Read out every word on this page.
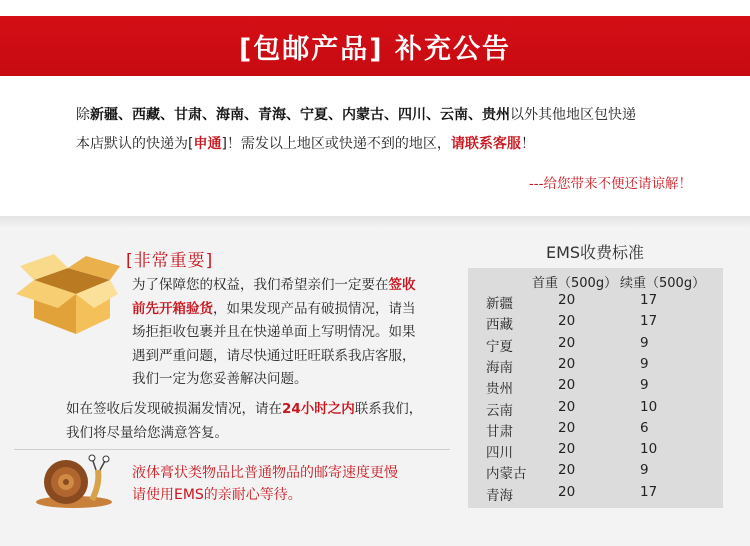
[包邮产品] 补充公告
除新疆、西藏、甘肃、海南、青海、宁夏、内蒙古、四川、云南、贵州以外其他地区包快递
本店默认的快递为[申通]！需发以上地区或快递不到的地区，请联系客服！
---给您带来不便还请谅解！
[非常重要]
为了保障您的权益，我们希望亲们一定要在签收
前先开箱验货，如果发现产品有破损情况，请当
场拒拒收包裹并且在快递单面上写明情况。如果
遇到严重问题，请尽快通过旺旺联系我店客服，
我们一定为您妥善解决问题。
如在签收后发现破损漏发情况，请在24小时之内联系我们，
我们将尽量给您满意答复。
液体膏状类物品比普通物品的邮寄速度更慢
请使用EMS的亲耐心等待。
EMS收费标准
首重（500g） 续重（500g）
新疆	20	17
西藏	20	17
宁夏	20	9
海南	20	9
贵州	20	9
云南	20	10
甘肃	20	6
四川	20	10
内蒙古 20	9
青海	20	17
